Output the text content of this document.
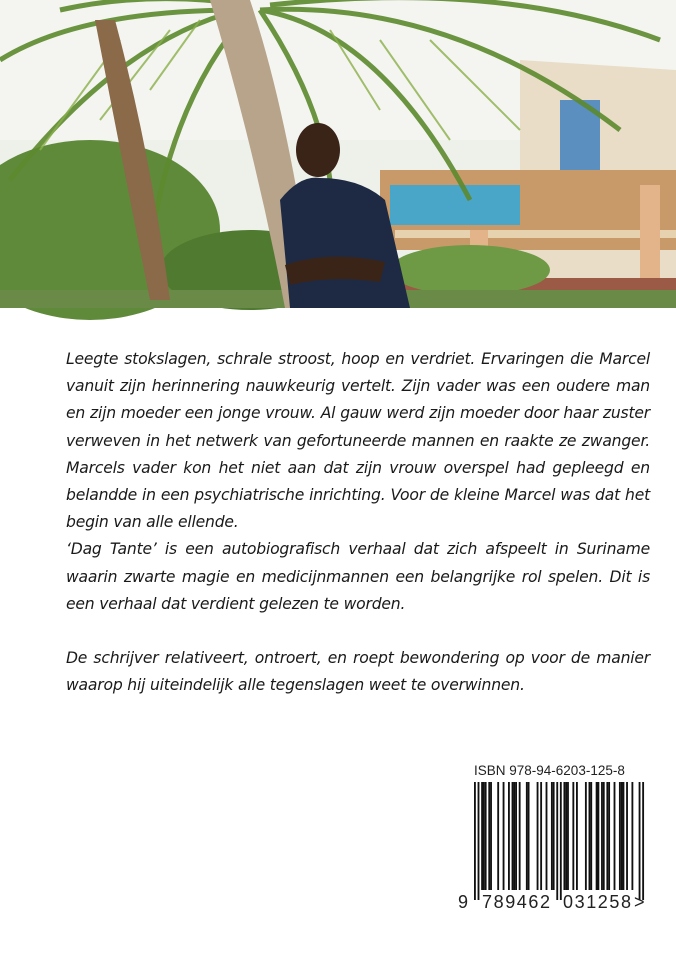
Leegte stokslagen, schrale stroost, hoop en verdriet. Ervaringen die Marcel vanuit zijn herinnering nauwkeurig vertelt. Zijn vader was een oudere man en zijn moeder een jonge vrouw. Al gauw werd zijn moeder door haar zuster verweven in het netwerk van gefortuneerde mannen en raakte ze zwanger. Marcels vader kon het niet aan dat zijn vrouw overspel had gepleegd en belandde in een psychiatrische inrichting. Voor de kleine Marcel was dat het begin van alle ellende.

‘Dag Tante’ is een autobiografisch verhaal dat zich afspeelt in Suriname waarin zwarte magie en medicijnmannen een belangrijke rol spelen. Dit is een verhaal dat verdient gelezen te worden.

De schrijver relativeert, ontroert, en roept bewondering op voor de manier waarop hij uiteindelijk alle tegenslagen weet te overwinnen.

ISBN 978-94-6203-125-8
9 789462 031258 >
